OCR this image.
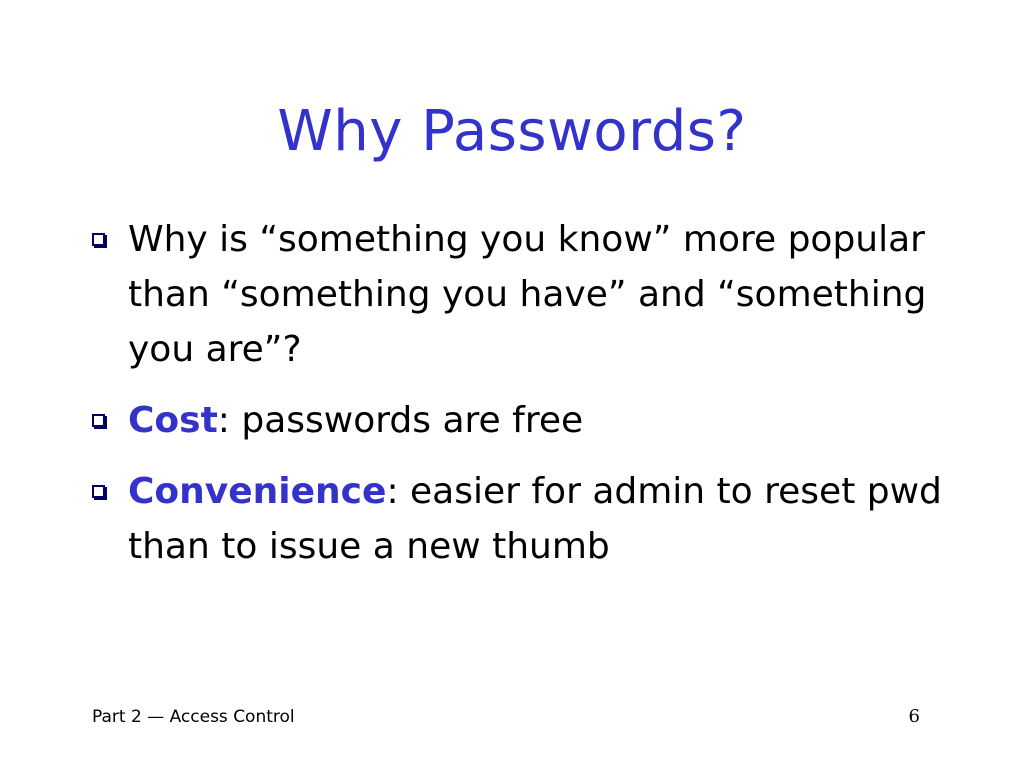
Why Passwords?
Why is “something you know” more popular than “something you have” and “something you are”?
Cost: passwords are free
Convenience: easier for admin to reset pwd than to issue a new thumb
Part 2 — Access Control	6
